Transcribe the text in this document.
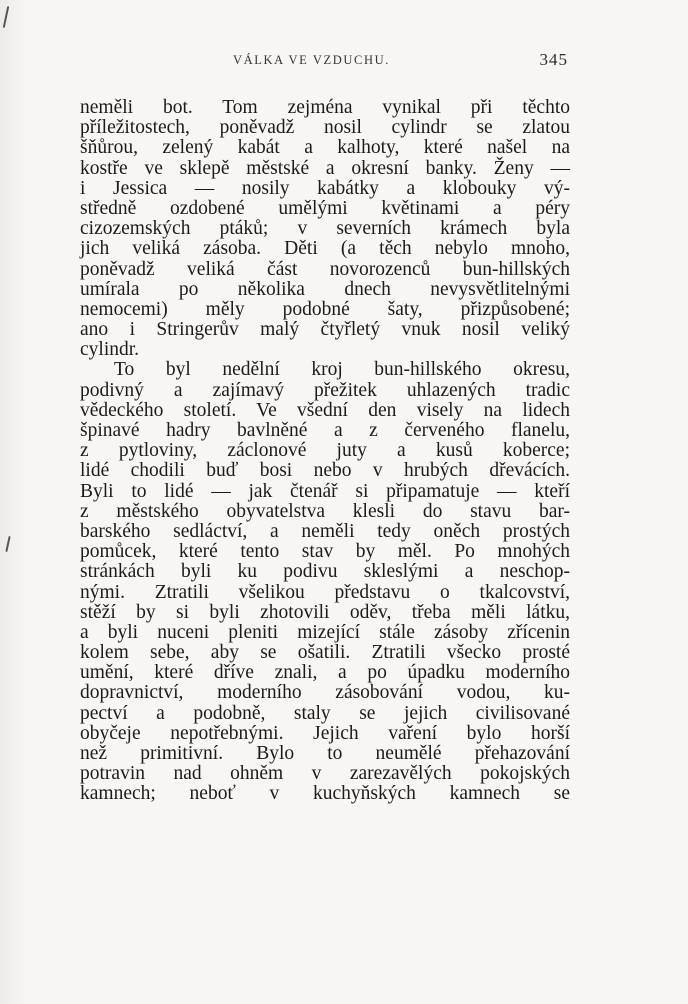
VÁLKA VE VZDUCHU.	345
neměli bot. Tom zejména vynikal při těchto
příležitostech, poněvadž nosil cylindr se zlatou
šňůrou, zelený kabát a kalhoty, které našel na
kostře ve sklepě městské a okresní banky. Ženy —
i Jessica — nosily kabátky a klobouky vý-
středně ozdobené umělými květinami a péry
cizozemských ptáků; v severních krámech byla
jich veliká zásoba. Děti (a těch nebylo mnoho,
poněvadž veliká část novorozenců bun-hillských
umírala po několika dnech nevysvětlitelnými
nemocemi) měly podobné šaty, přizpůsobené;
ano i Stringerův malý čtyřletý vnuk nosil veliký
cylindr.
To byl nedělní kroj bun-hillského okresu,
podivný a zajímavý přežitek uhlazených tradic
vědeckého století. Ve všední den visely na lidech
špinavé hadry bavlněné a z červeného flanelu,
z pytloviny, záclonové juty a kusů koberce;
lidé chodili buď bosi nebo v hrubých dřevácích.
Byli to lidé — jak čtenář si připamatuje — kteří
z městského obyvatelstva klesli do stavu bar-
barského sedláctví, a neměli tedy oněch prostých
pomůcek, které tento stav by měl. Po mnohých
stránkách byli ku podivu skleslými a neschop-
nými. Ztratili všelikou představu o tkalcovství,
stěží by si byli zhotovili oděv, třeba měli látku,
a byli nuceni pleniti mizející stále zásoby zřícenin
kolem sebe, aby se ošatili. Ztratili všecko prosté
umění, které dříve znali, a po úpadku moderního
dopravnictví, moderního zásobování vodou, ku-
pectví a podobně, staly se jejich civilisované
obyčeje nepotřebnými. Jejich vaření bylo horší
než primitivní. Bylo to neumělé přehazování
potravin nad ohněm v zarezavělých pokojských
kamnech; neboť v kuchyňských kamnech se
